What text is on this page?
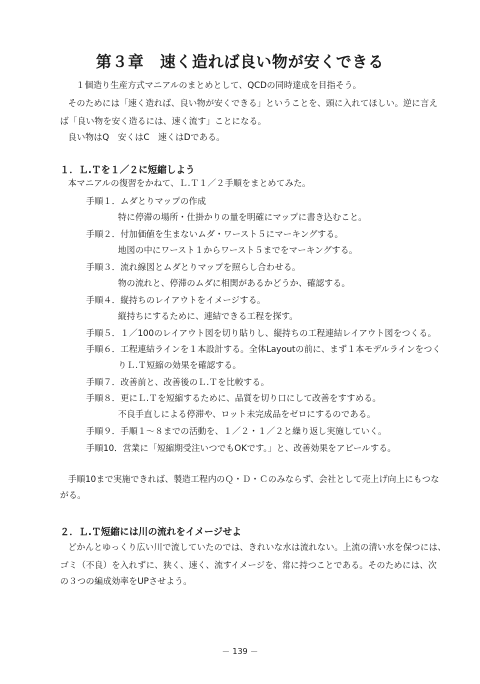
第３章　速く造れば良い物が安くできる
１個造り生産方式マニアルのまとめとして、QCDの同時達成を目指そう。
そのためには「速く造れば、良い物が安くできる」ということを、頭に入れてほしい。逆に言え
ば「良い物を安く造るには、速く流す」ことになる。
良い物はQ　安くはC　速くはDである。
１．Ｌ.Ｔを１／２に短縮しよう
本マニアルの復習をかねて、Ｌ.Ｔ１／２手順をまとめてみた。
手順１．ムダとりマップの作成
特に停滞の場所・仕掛かりの量を明確にマップに書き込むこと。
手順２．付加価値を生まないムダ・ワースト５にマーキングする。
地図の中にワースト１からワースト５までをマーキングする。
手順３．流れ線図とムダとりマップを照らし合わせる。
物の流れと、停滞のムダに相関があるかどうか、確認する。
手順４．縦持ちのレイアウトをイメージする。
縦持ちにするために、連結できる工程を探す。
手順５．１／100のレイアウト図を切り貼りし、縦持ちの工程連結レイアウト図をつくる。
手順６．工程連結ラインを１本設計する。全体Layoutの前に、まず１本モデルラインをつく
りＬ.Ｔ短縮の効果を確認する。
手順７．改善前と、改善後のＬ.Ｔを比較する。
手順８．更にＬ.Ｔを短縮するために、品質を切り口にして改善をすすめる。
不良手直しによる停滞や、ロット未完成品をゼロにするのである。
手順９．手順１～８までの活動を、１／２・１／２と繰り返し実施していく。
手順10．営業に「短縮期受注いつでもOKです。」と、改善効果をアピールする。
手順10まで実施できれば、製造工程内のＱ・Ｄ・Ｃのみならず、会社として売上げ向上にもつな
がる。
２．Ｌ.Ｔ短縮には川の流れをイメージせよ
どかんとゆっくり広い川で流していたのでは、きれいな水は流れない。上流の清い水を保つには、
ゴミ（不良）を入れずに、狭く、速く、流すイメージを、常に持つことである。そのためには、次
の３つの編成効率をUPさせよう。
－ 139 －
